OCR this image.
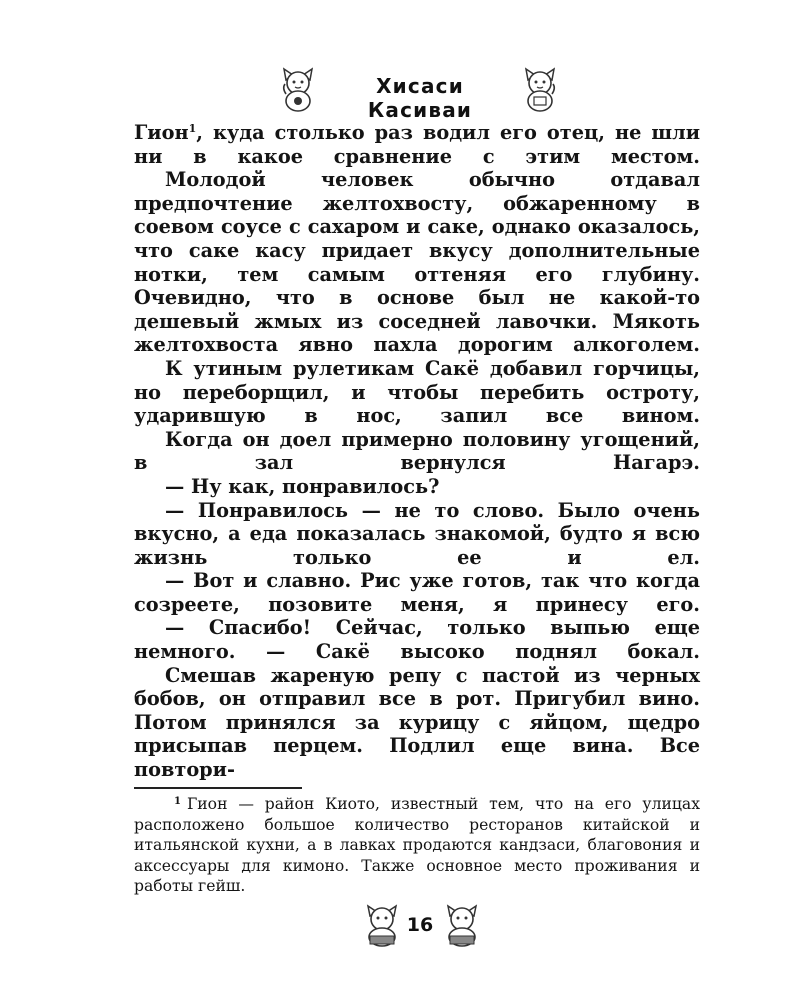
Хисаси Касиваи

Гион$^1$, куда столько раз водил его отец, не шли ни в какое сравнение с этим местом.

Молодой человек обычно отдавал предпочтение желтохвосту, обжаренному в соевом соусе с сахаром и саке, однако оказалось, что саке касу придает вкусу дополнительные нотки, тем самым оттеняя его глубину. Очевидно, что в основе был не какой-то дешевый жмых из соседней лавочки. Мякоть желтохвоста явно пахла дорогим алкоголем.

К утиным рулетикам Сакё добавил горчицы, но переборщил, и чтобы перебить остроту, ударившую в нос, запил все вином.

Когда он доел примерно половину угощений, в зал вернулся Нагарэ.

— Ну как, понравилось?

— Понравилось — не то слово. Было очень вкусно, а еда показалась знакомой, будто я всю жизнь только ее и ел.

— Вот и славно. Рис уже готов, так что когда созреете, позовите меня, я принесу его.

— Спасибо! Сейчас, только выпью еще немного. — Сакё высоко поднял бокал.

Смешав жареную репу с пастой из черных бобов, он отправил все в рот. Пригубил вино. Потом принялся за курицу с яйцом, щедро присыпав перцем. Подлил еще вина. Все повтори-

$^1$ Гион — район Киото, известный тем, что на его улицах расположено большое количество ресторанов китайской и итальянской кухни, а в лавках продаются кандзаси, благовония и аксессуары для кимоно. Также основное место проживания и работы гейш.

16
